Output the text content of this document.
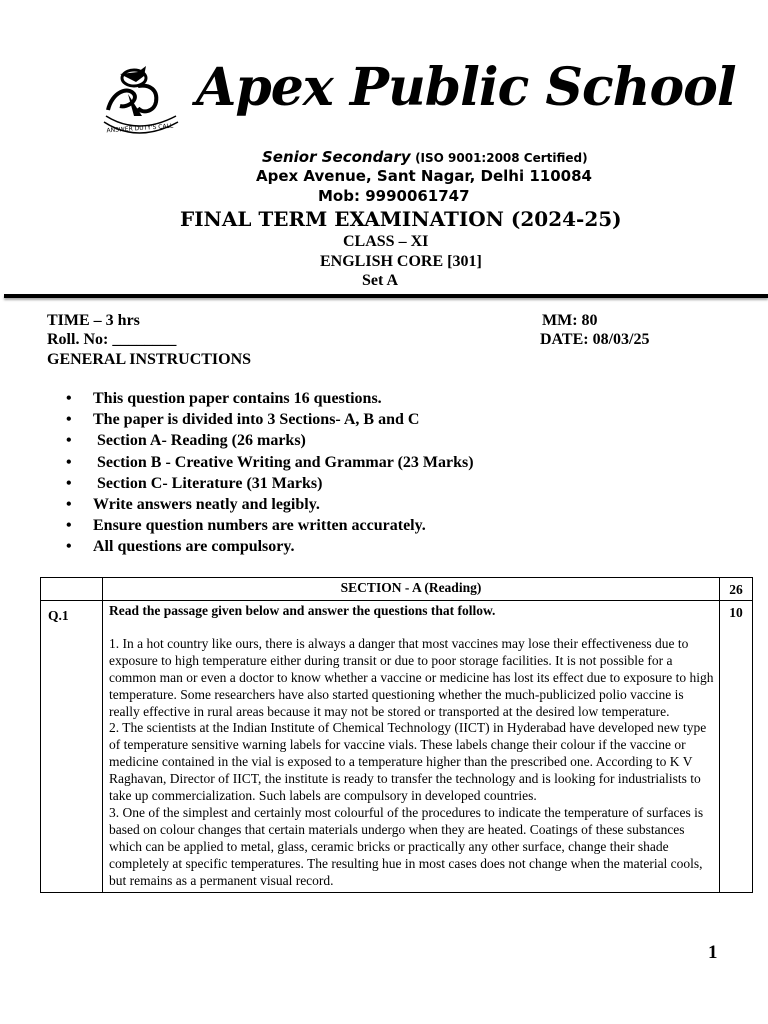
ANSWER DUTY'S CALL
Apex Public School
Senior Secondary (ISO 9001:2008 Certified)
Apex Avenue, Sant Nagar, Delhi 110084
Mob: 9990061747
FINAL TERM EXAMINATION (2024-25)
CLASS – XI
ENGLISH CORE [301]
Set A
TIME – 3 hrs	MM: 80
Roll. No: ________	DATE: 08/03/25
GENERAL INSTRUCTIONS
• This question paper contains 16 questions.
• The paper is divided into 3 Sections- A, B and C
• Section A- Reading (26 marks)
• Section B - Creative Writing and Grammar (23 Marks)
• Section C- Literature (31 Marks)
• Write answers neatly and legibly.
• Ensure question numbers are written accurately.
• All questions are compulsory.
	SECTION - A (Reading)	26
Q.1	Read the passage given below and answer the questions that follow.

1. In a hot country like ours, there is always a danger that most vaccines may lose their effectiveness due to exposure to high temperature either during transit or due to poor storage facilities. It is not possible for a common man or even a doctor to know whether a vaccine or medicine has lost its effect due to exposure to high temperature. Some researchers have also started questioning whether the much-publicized polio vaccine is really effective in rural areas because it may not be stored or transported at the desired low temperature.

2. The scientists at the Indian Institute of Chemical Technology (IICT) in Hyderabad have developed new type of temperature sensitive warning labels for vaccine vials. These labels change their colour if the vaccine or medicine contained in the vial is exposed to a temperature higher than the prescribed one. According to K V Raghavan, Director of IICT, the institute is ready to transfer the technology and is looking for industrialists to take up commercialization. Such labels are compulsory in developed countries.

3. One of the simplest and certainly most colourful of the procedures to indicate the temperature of surfaces is based on colour changes that certain materials undergo when they are heated. Coatings of these substances which can be applied to metal, glass, ceramic bricks or practically any other surface, change their shade completely at specific temperatures. The resulting hue in most cases does not change when the material cools, but remains as a permanent visual record.	10
1
